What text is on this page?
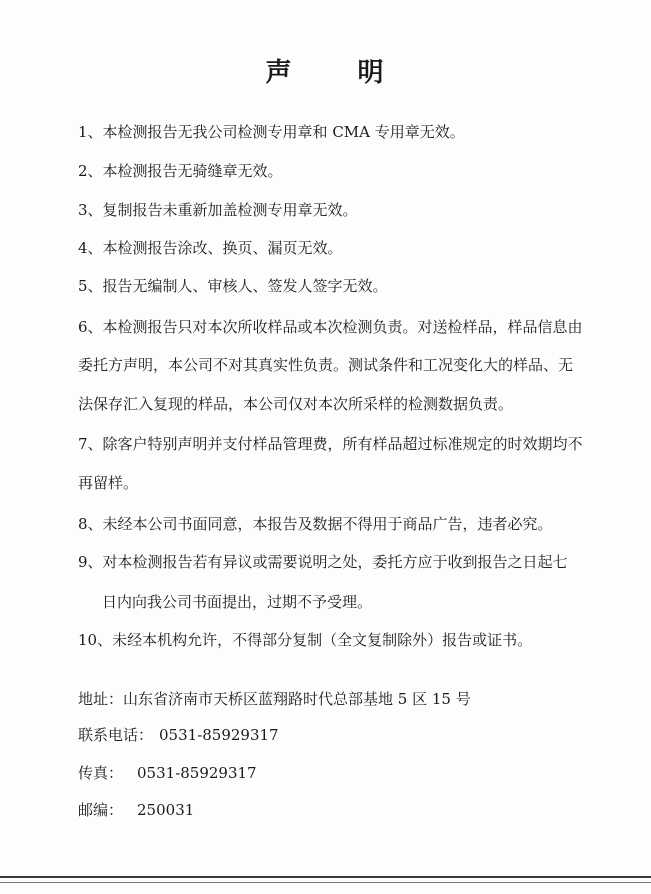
声 明

1、本检测报告无我公司检测专用章和 CMA 专用章无效。

2、本检测报告无骑缝章无效。

3、复制报告未重新加盖检测专用章无效。

4、本检测报告涂改、换页、漏页无效。

5、报告无编制人、审核人、签发人签字无效。

6、本检测报告只对本次所收样品或本次检测负责。对送检样品，样品信息由

委托方声明，本公司不对其真实性负责。测试条件和工况变化大的样品、无

法保存汇入复现的样品，本公司仅对本次所采样的检测数据负责。

7、除客户特别声明并支付样品管理费，所有样品超过标准规定的时效期均不

再留样。

8、未经本公司书面同意，本报告及数据不得用于商品广告，违者必究。

9、对本检测报告若有异议或需要说明之处，委托方应于收到报告之日起七

日内向我公司书面提出，过期不予受理。

10、未经本机构允许，不得部分复制（全文复制除外）报告或证书。

地址：山东省济南市天桥区蓝翔路时代总部基地 5 区 15 号
联系电话： 0531-85929317
传真： 0531-85929317
邮编： 250031
